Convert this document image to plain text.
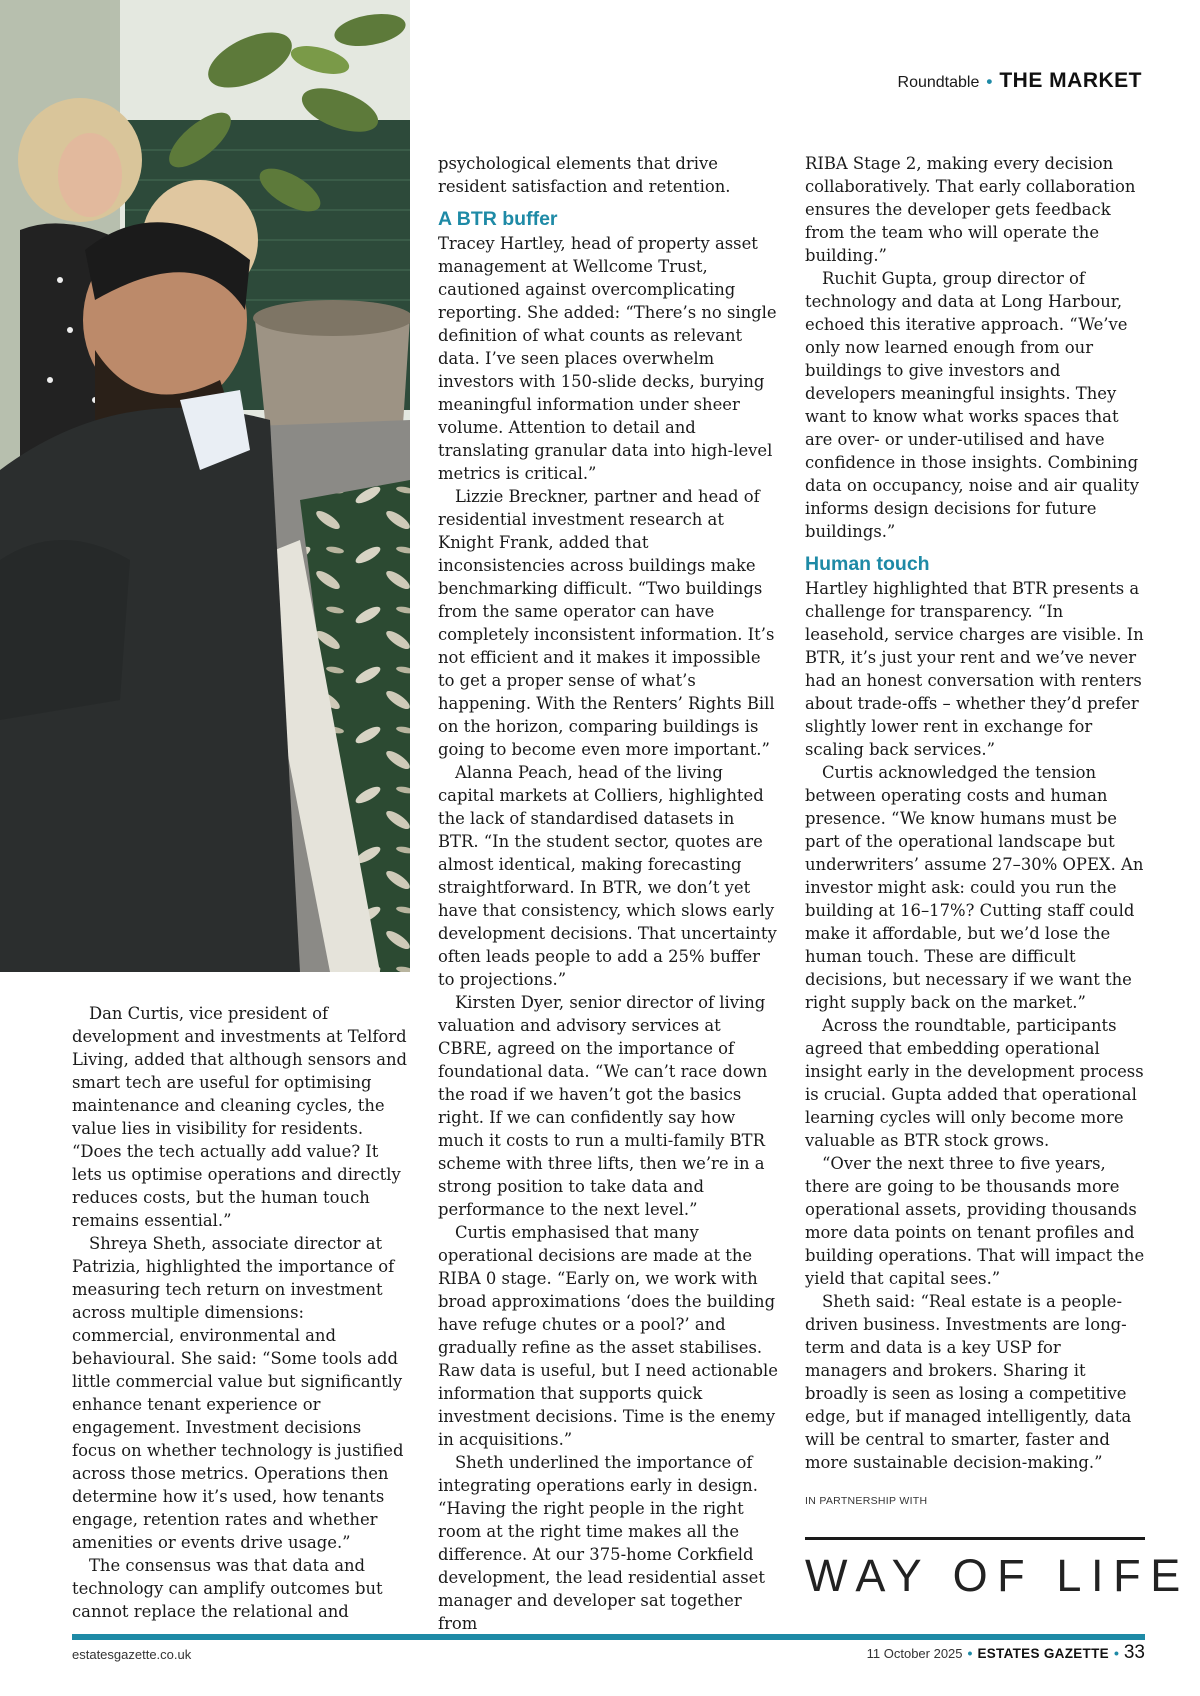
Roundtable • THE MARKET

Dan Curtis, vice president of development and investments at Telford Living, added that although sensors and smart tech are useful for optimising maintenance and cleaning cycles, the value lies in visibility for residents. “Does the tech actually add value? It lets us optimise operations and directly reduces costs, but the human touch remains essential.”

Shreya Sheth, associate director at Patrizia, highlighted the importance of measuring tech return on investment across multiple dimensions: commercial, environmental and behavioural. She said: “Some tools add little commercial value but significantly enhance tenant experience or engagement. Investment decisions focus on whether technology is justified across those metrics. Operations then determine how it’s used, how tenants engage, retention rates and whether amenities or events drive usage.”

The consensus was that data and technology can amplify outcomes but cannot replace the relational and

psychological elements that drive resident satisfaction and retention.

A BTR buffer

Tracey Hartley, head of property asset management at Wellcome Trust, cautioned against overcomplicating reporting. She added: “There’s no single definition of what counts as relevant data. I’ve seen places overwhelm investors with 150-slide decks, burying meaningful information under sheer volume. Attention to detail and translating granular data into high-level metrics is critical.”

Lizzie Breckner, partner and head of residential investment research at Knight Frank, added that inconsistencies across buildings make benchmarking difficult. “Two buildings from the same operator can have completely inconsistent information. It’s not efficient and it makes it impossible to get a proper sense of what’s happening. With the Renters’ Rights Bill on the horizon, comparing buildings is going to become even more important.”

Alanna Peach, head of the living capital markets at Colliers, highlighted the lack of standardised datasets in BTR. “In the student sector, quotes are almost identical, making forecasting straightforward. In BTR, we don’t yet have that consistency, which slows early development decisions. That uncertainty often leads people to add a 25% buffer to projections.”

Kirsten Dyer, senior director of living valuation and advisory services at CBRE, agreed on the importance of foundational data. “We can’t race down the road if we haven’t got the basics right. If we can confidently say how much it costs to run a multi-family BTR scheme with three lifts, then we’re in a strong position to take data and performance to the next level.”

Curtis emphasised that many operational decisions are made at the RIBA 0 stage. “Early on, we work with broad approximations ‘does the building have refuge chutes or a pool?’ and gradually refine as the asset stabilises. Raw data is useful, but I need actionable information that supports quick investment decisions. Time is the enemy in acquisitions.”

Sheth underlined the importance of integrating operations early in design. “Having the right people in the right room at the right time makes all the difference. At our 375-home Corkfield development, the lead residential asset manager and developer sat together from

RIBA Stage 2, making every decision collaboratively. That early collaboration ensures the developer gets feedback from the team who will operate the building.”

Ruchit Gupta, group director of technology and data at Long Harbour, echoed this iterative approach. “We’ve only now learned enough from our buildings to give investors and developers meaningful insights. They want to know what works spaces that are over- or under-utilised and have confidence in those insights. Combining data on occupancy, noise and air quality informs design decisions for future buildings.”

Human touch

Hartley highlighted that BTR presents a challenge for transparency. “In leasehold, service charges are visible. In BTR, it’s just your rent and we’ve never had an honest conversation with renters about trade-offs – whether they’d prefer slightly lower rent in exchange for scaling back services.”

Curtis acknowledged the tension between operating costs and human presence. “We know humans must be part of the operational landscape but underwriters’ assume 27–30% OPEX. An investor might ask: could you run the building at 16–17%? Cutting staff could make it affordable, but we’d lose the human touch. These are difficult decisions, but necessary if we want the right supply back on the market.”

Across the roundtable, participants agreed that embedding operational insight early in the development process is crucial. Gupta added that operational learning cycles will only become more valuable as BTR stock grows.

“Over the next three to five years, there are going to be thousands more operational assets, providing thousands more data points on tenant profiles and building operations. That will impact the yield that capital sees.”

Sheth said: “Real estate is a people-driven business. Investments are long-term and data is a key USP for managers and brokers. Sharing it broadly is seen as losing a competitive edge, but if managed intelligently, data will be central to smarter, faster and more sustainable decision-making.”

IN PARTNERSHIP WITH
WAY OF LIFE
estatesgazette.co.uk	11 October 2025 • ESTATES GAZETTE • 33
